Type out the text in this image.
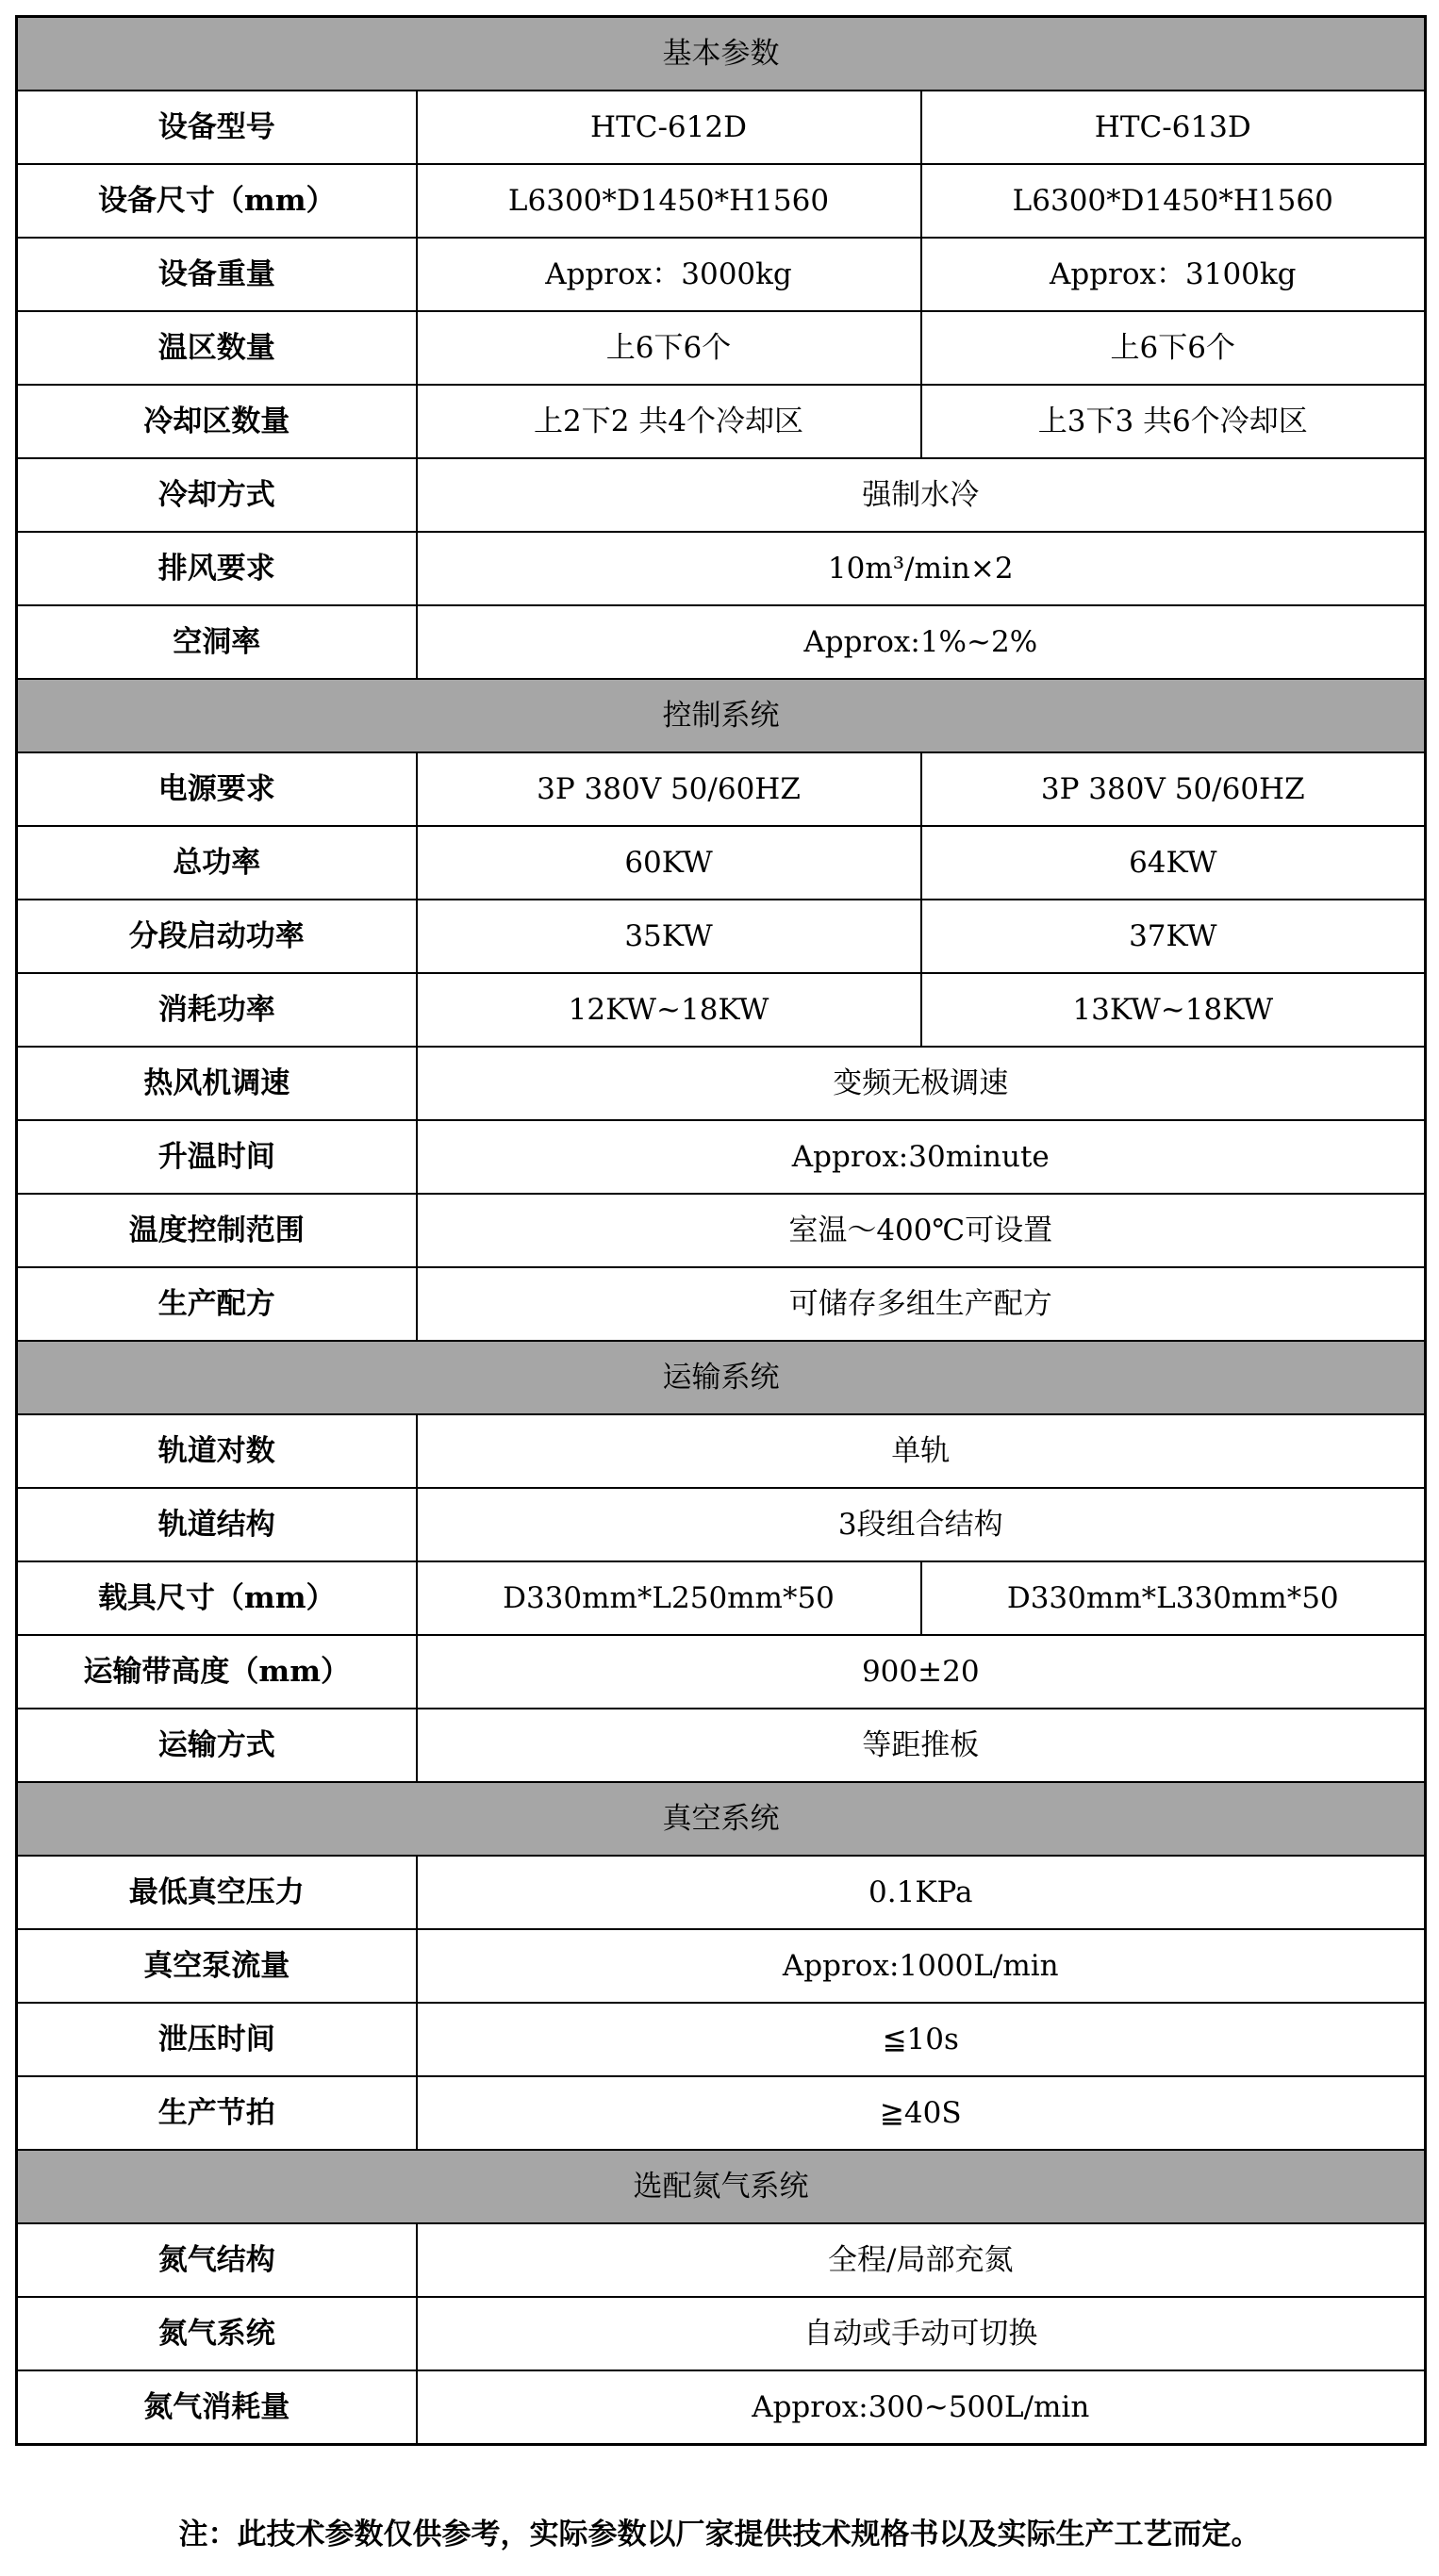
基本参数		
设备型号	HTC-612D	HTC-613D
设备尺寸（mm）	L6300*D1450*H1560	L6300*D1450*H1560
设备重量	Approx：3000kg	Approx：3100kg
温区数量	上6下6个	上6下6个
冷却区数量	上2下2 共4个冷却区	上3下3 共6个冷却区
冷却方式	强制水冷	
排风要求	10m³/min×2	
空洞率	Approx:1%~2%	
控制系统		
电源要求	3P 380V 50/60HZ	3P 380V 50/60HZ
总功率	60KW	64KW
分段启动功率	35KW	37KW
消耗功率	12KW~18KW	13KW~18KW
热风机调速	变频无极调速	
升温时间	Approx:30minute	
温度控制范围	室温～400℃可设置	
生产配方	可储存多组生产配方	
运输系统		
轨道对数	单轨	
轨道结构	3段组合结构	
载具尺寸（mm）	D330mm*L250mm*50	D330mm*L330mm*50
运输带高度（mm）	900±20	
运输方式	等距推板	
真空系统		
最低真空压力	0.1KPa	
真空泵流量	Approx:1000L/min	
泄压时间	≦10s	
生产节拍	≧40S	
选配氮气系统		
氮气结构	全程/局部充氮	
氮气系统	自动或手动可切换	
氮气消耗量	Approx:300~500L/min	
注：此技术参数仅供参考，实际参数以厂家提供技术规格书以及实际生产工艺而定。
